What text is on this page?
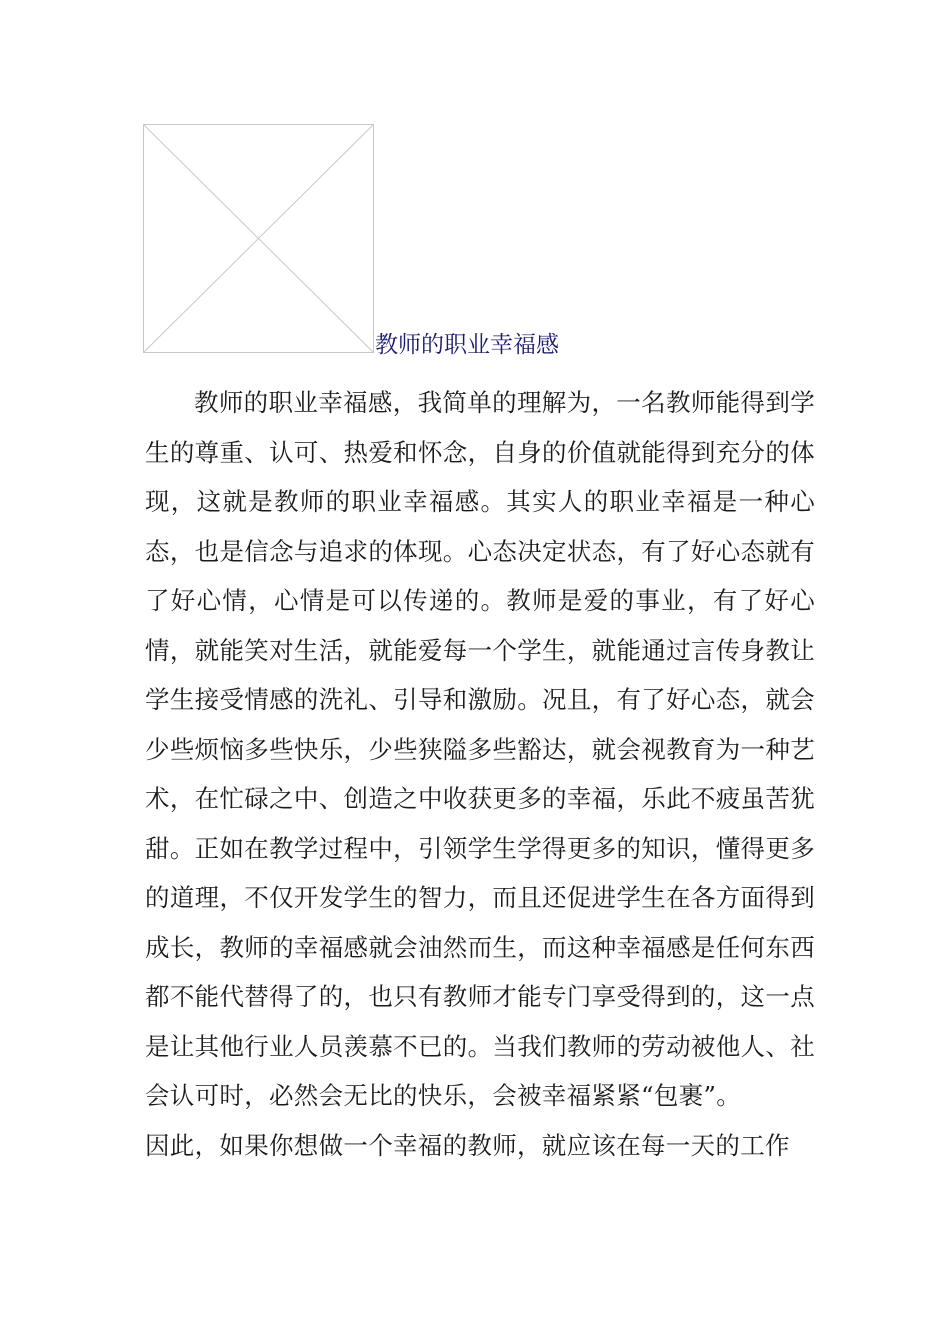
教师的职业幸福感

教师的职业幸福感，我简单的理解为，一名教师能得到学生的尊重、认可、热爱和怀念，自身的价值就能得到充分的体现，这就是教师的职业幸福感。其实人的职业幸福是一种心态，也是信念与追求的体现。心态决定状态，有了好心态就有了好心情，心情是可以传递的。教师是爱的事业，有了好心情，就能笑对生活，就能爱每一个学生，就能通过言传身教让学生接受情感的洗礼、引导和激励。况且，有了好心态，就会少些烦恼多些快乐，少些狭隘多些豁达，就会视教育为一种艺术，在忙碌之中、创造之中收获更多的幸福，乐此不疲虽苦犹甜。正如在教学过程中，引领学生学得更多的知识，懂得更多的道理，不仅开发学生的智力，而且还促进学生在各方面得到成长，教师的幸福感就会油然而生，而这种幸福感是任何东西都不能代替得了的，也只有教师才能专门享受得到的，这一点是让其他行业人员羡慕不已的。当我们教师的劳动被他人、社会认可时，必然会无比的快乐，会被幸福紧紧“包裹”。

因此，如果你想做一个幸福的教师，就应该在每一天的工作
